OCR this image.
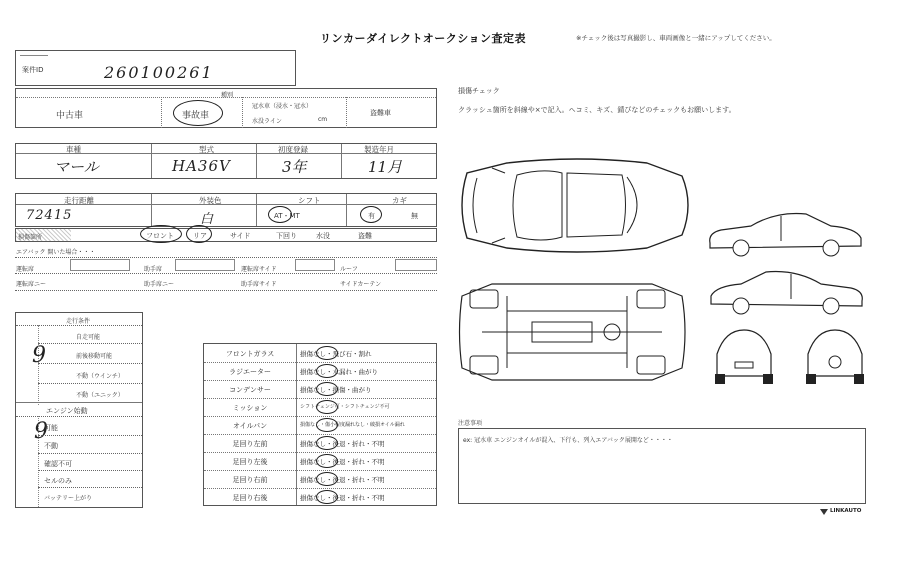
リンカーダイレクトオークション査定表	※チェック後は写真撮影し、車両画像と一緒にアップしてください。
案件ID	260100261
種別
中古車	事故車
冠水車（浸水・冠水）
水没ライン	cm
盗難車
車種	型式	初度登録	製造年月
マール	HA36V	3年	11月
走行距離	外装色	シフト	カギ
72415	白	AT・MT	有	無
損傷箇所	フロント	リア	サイド	下回り	水没	盗難
エアバック 開いた場合・・・
運転席	助手席	運転席サイド	ルーフ
運転席ニー	助手席ニー	助手席サイド	サイドカーテン
走行条件
9
自走可能
前後移動可能
不動（ウインチ）
不動（ユニック）
エンジン始動
9
可能
不動
確認不可
セルのみ
バッテリー上がり
フロントガラス	損傷なし・飛び石・割れ
ラジエーター	損傷なし・水漏れ・曲がり
コンデンサー	損傷なし・損傷・曲がり
ミッション	シフトチェンジ可・シフトチェンジ不可
オイルパン	損傷なし・傷小程度漏れなし・破損オイル漏れ
足回り左前	損傷なし・後退・折れ・不明
足回り左後	損傷なし・後退・折れ・不明
足回り右前	損傷なし・後退・折れ・不明
足回り右後	損傷なし・後退・折れ・不明
損傷チェック
クラッシュ箇所を斜線や×で記入。ヘコミ、キズ、錆びなどのチェックもお願いします。
注意事項
ex: 冠水車 エンジンオイルが混入、下行も、列入エアバック展開など・・・・
LINKAUTO
